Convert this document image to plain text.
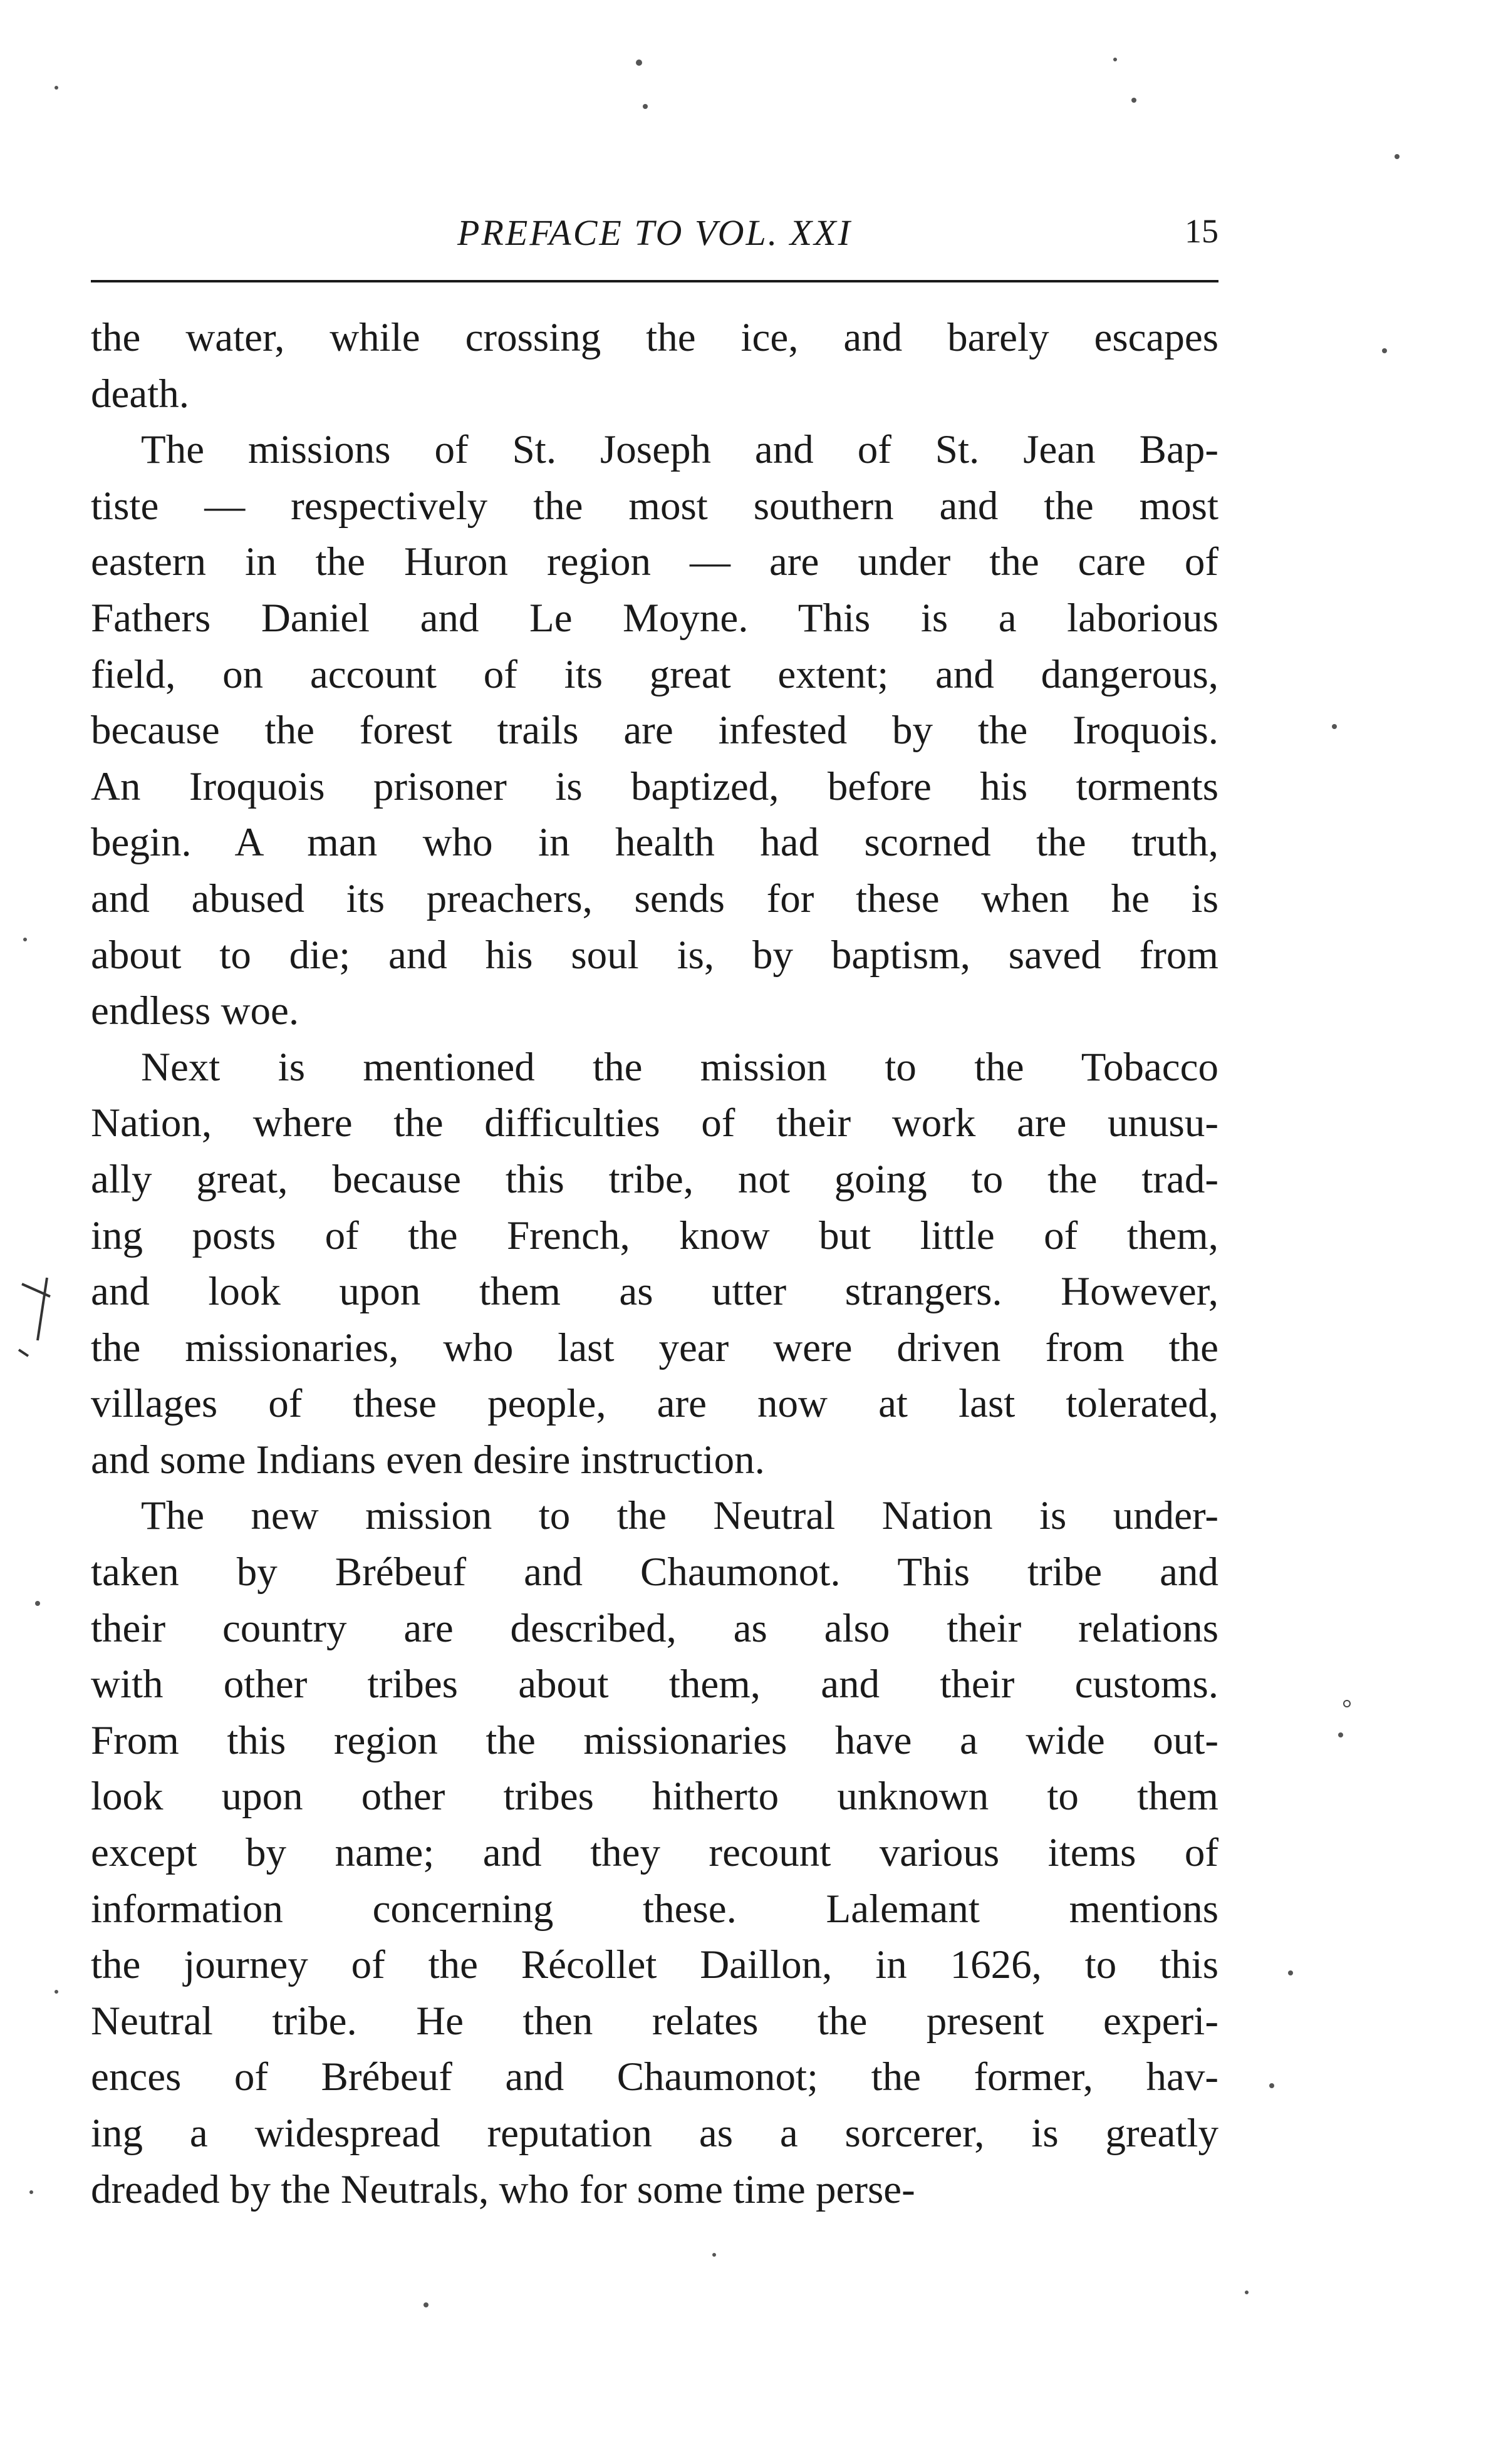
PREFACE TO VOL. XXI	15
the water, while crossing the ice, and barely escapes
death.
The missions of St. Joseph and of St. Jean Bap-
tiste — respectively the most southern and the most
eastern in the Huron region — are under the care of
Fathers Daniel and Le Moyne. This is a laborious
field, on account of its great extent; and dangerous,
because the forest trails are infested by the Iroquois.
An Iroquois prisoner is baptized, before his torments
begin. A man who in health had scorned the truth,
and abused its preachers, sends for these when he is
about to die; and his soul is, by baptism, saved from
endless woe.
Next is mentioned the mission to the Tobacco
Nation, where the difficulties of their work are unusu-
ally great, because this tribe, not going to the trad-
ing posts of the French, know but little of them,
and look upon them as utter strangers. However,
the missionaries, who last year were driven from the
villages of these people, are now at last tolerated,
and some Indians even desire instruction.
The new mission to the Neutral Nation is under-
taken by Brébeuf and Chaumonot. This tribe and
their country are described, as also their relations
with other tribes about them, and their customs.
From this region the missionaries have a wide out-
look upon other tribes hitherto unknown to them
except by name; and they recount various items of
information concerning these. Lalemant mentions
the journey of the Récollet Daillon, in 1626, to this
Neutral tribe. He then relates the present experi-
ences of Brébeuf and Chaumonot; the former, hav-
ing a widespread reputation as a sorcerer, is greatly
dreaded by the Neutrals, who for some time perse-
